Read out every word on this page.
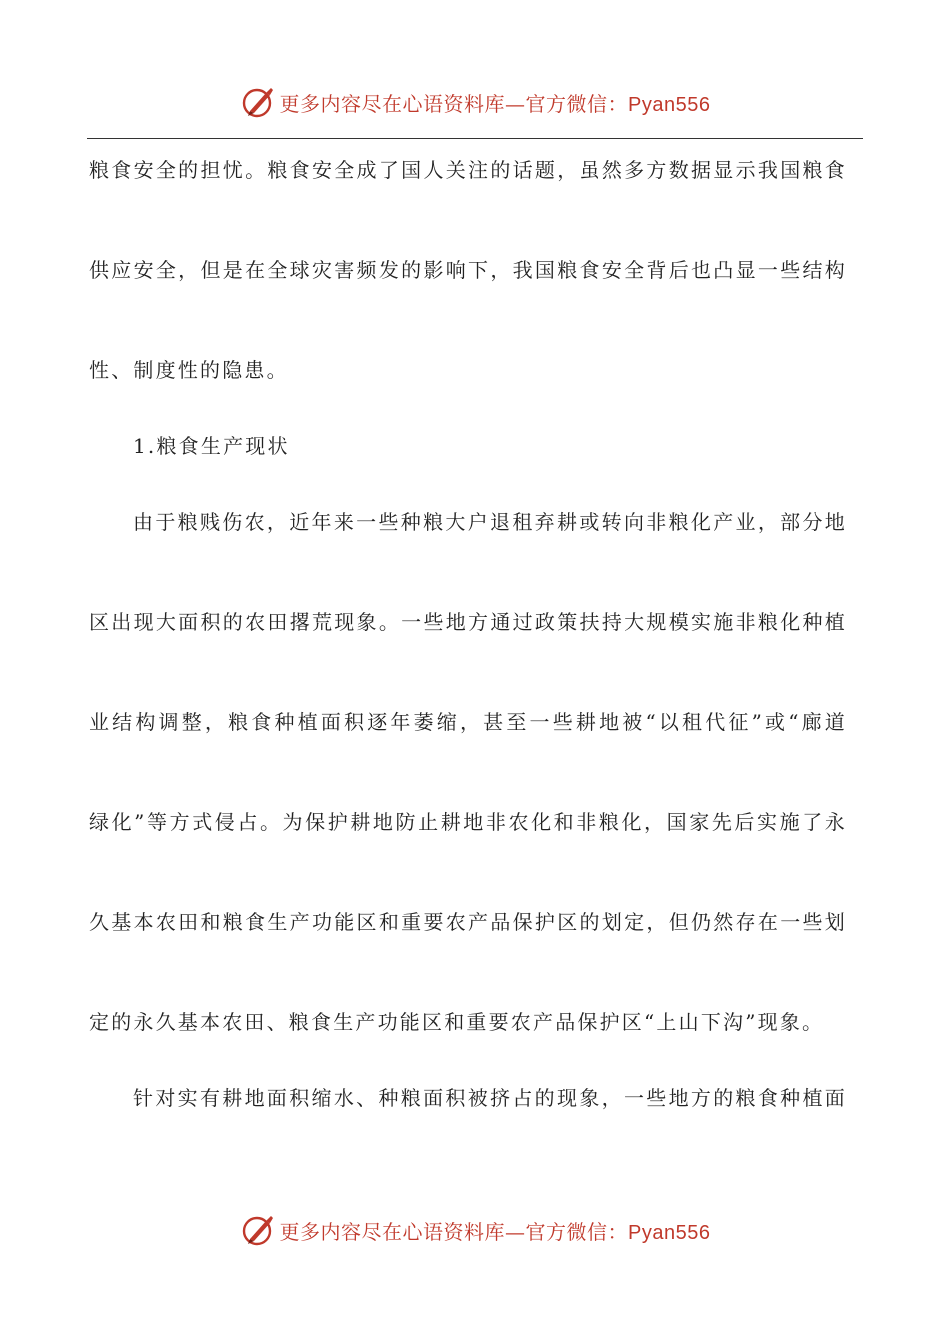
更多内容尽在心语资料库—官方微信：Pyan556
粮食安全的担忧。粮食安全成了国人关注的话题，虽然多方数据显示我国粮食
供应安全，但是在全球灾害频发的影响下，我国粮食安全背后也凸显一些结构
性、制度性的隐患。
1.粮食生产现状
由于粮贱伤农，近年来一些种粮大户退租弃耕或转向非粮化产业，部分地
区出现大面积的农田撂荒现象。一些地方通过政策扶持大规模实施非粮化种植
业结构调整，粮食种植面积逐年萎缩，甚至一些耕地被“以租代征”或“廊道
绿化”等方式侵占。为保护耕地防止耕地非农化和非粮化，国家先后实施了永
久基本农田和粮食生产功能区和重要农产品保护区的划定，但仍然存在一些划
定的永久基本农田、粮食生产功能区和重要农产品保护区“上山下沟”现象。
针对实有耕地面积缩水、种粮面积被挤占的现象，一些地方的粮食种植面
更多内容尽在心语资料库—官方微信：Pyan556
